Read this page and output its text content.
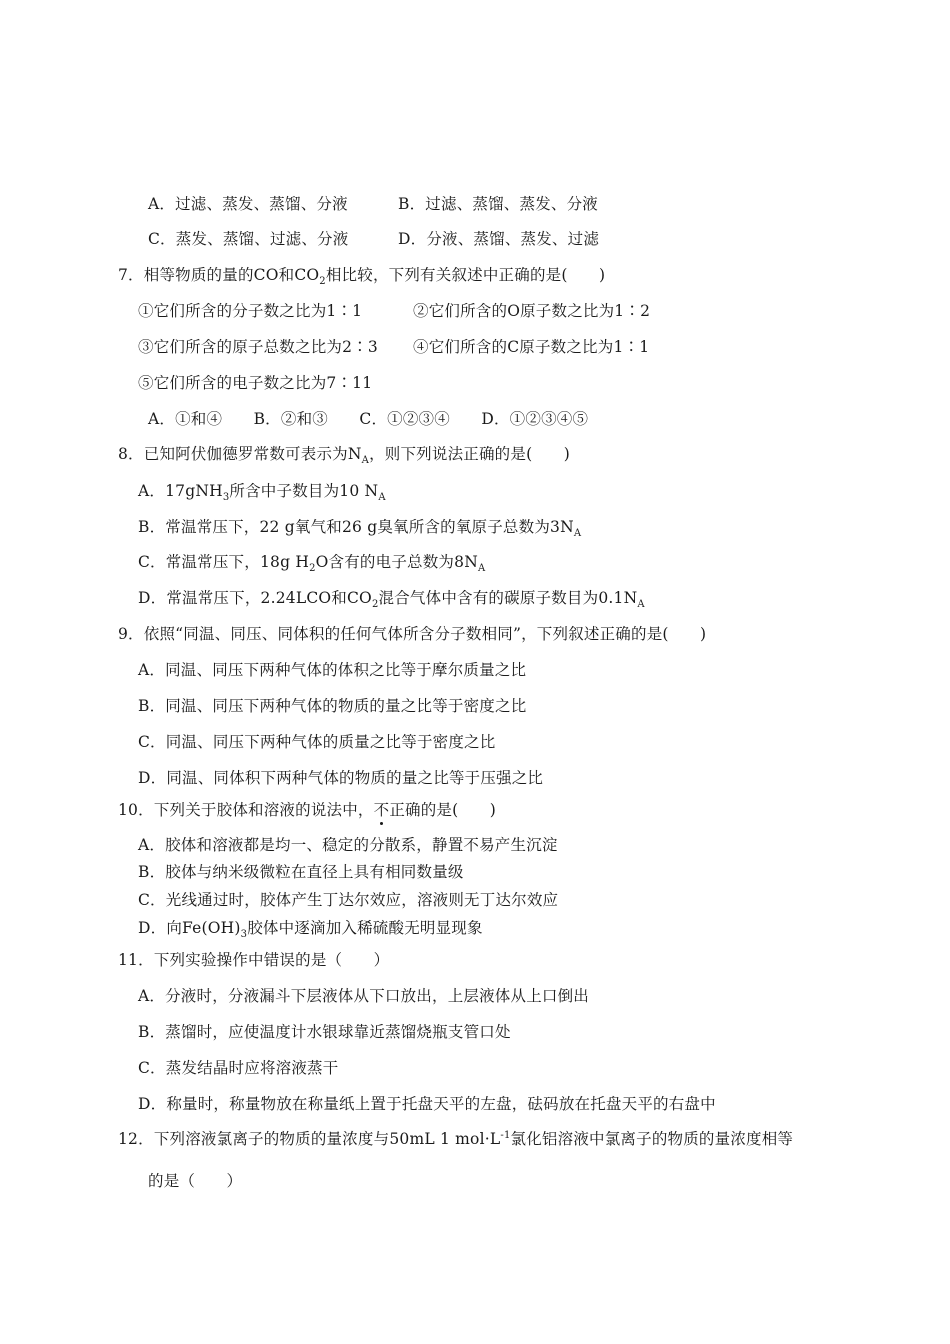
A．过滤、蒸发、蒸馏、分液	B．过滤、蒸馏、蒸发、分液
C．蒸发、蒸馏、过滤、分液	D．分液、蒸馏、蒸发、过滤
7．相等物质的量的CO和$CO_2$相比较，下列有关叙述中正确的是(　　)
①它们所含的分子数之比为1∶1	②它们所含的O原子数之比为1∶2
③它们所含的原子总数之比为2∶3 ④它们所含的C原子数之比为1∶1
⑤它们所含的电子数之比为7∶11
A．①和④　　B．②和③　　C．①②③④　　D．①②③④⑤
8．已知阿伏伽德罗常数可表示为$N_A$，则下列说法正确的是(　　)
A．17gNH$_3$所含中子数目为10 $N_A$
B．常温常压下，22 g氧气和26 g臭氧所含的氧原子总数为$3N_A$
C．常温常压下，18g $H_2O$含有的电子总数为$8N_A$
D．常温常压下，2.24LCO和$CO_2$混合气体中含有的碳原子数目为$0.1N_A$
9．依照“同温、同压、同体积的任何气体所含分子数相同”，下列叙述正确的是(　　)
A．同温、同压下两种气体的体积之比等于摩尔质量之比
B．同温、同压下两种气体的物质的量之比等于密度之比
C．同温、同压下两种气体的质量之比等于密度之比
D．同温、同体积下两种气体的物质的量之比等于压强之比
10．下列关于胶体和溶液的说法中，不正确的是(　　)
A．胶体和溶液都是均一、稳定的分散系，静置不易产生沉淀
B．胶体与纳米级微粒在直径上具有相同数量级
C．光线通过时，胶体产生丁达尔效应，溶液则无丁达尔效应
D．向$Fe(OH)_3$胶体中逐滴加入稀硫酸无明显现象
11．下列实验操作中错误的是（　　）
A．分液时，分液漏斗下层液体从下口放出，上层液体从上口倒出
B．蒸馏时，应使温度计水银球靠近蒸馏烧瓶支管口处
C．蒸发结晶时应将溶液蒸干
D．称量时，称量物放在称量纸上置于托盘天平的左盘，砝码放在托盘天平的右盘中
12．下列溶液氯离子的物质的量浓度与50mL 1 $mol\cdot L^{-1}$氯化铝溶液中氯离子的物质的量浓度相等
的是（　　）
